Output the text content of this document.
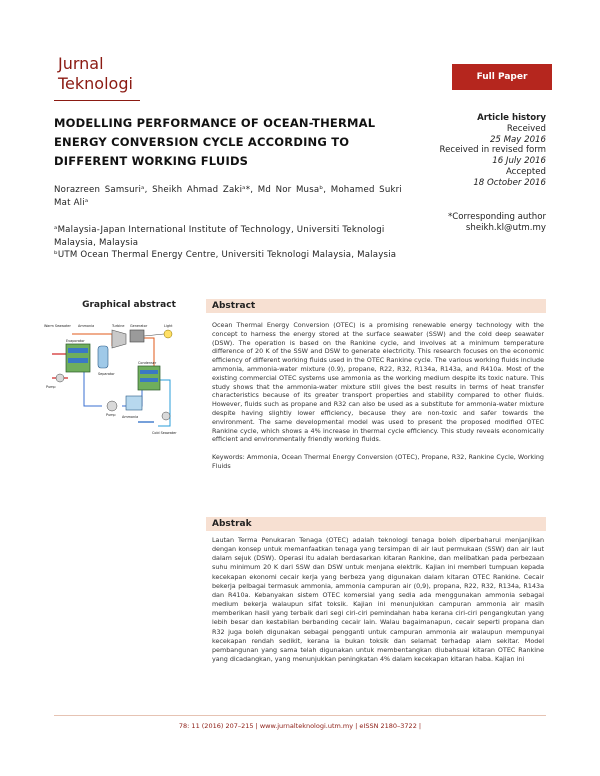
Jurnal
Teknologi	Full Paper
MODELLING PERFORMANCE OF OCEAN-THERMAL ENERGY CONVERSION CYCLE ACCORDING TO DIFFERENT WORKING FLUIDS
Article history
Received
25 May 2016
Received in revised form
16 July 2016
Accepted
18 October 2016
*Corresponding author
sheikh.kl@utm.my
Norazreen Samsuriᵃ, Sheikh Ahmad Zakiᵃ*, Md Nor Musaᵇ, Mohamed Sukri Mat Aliᵃ

ᵃMalaysia-Japan International Institute of Technology, Universiti Teknologi Malaysia, Malaysia

ᵇUTM Ocean Thermal Energy Centre, Universiti Teknologi Malaysia, Malaysia

Graphical abstract
Warm Seawater Ammonia	Turbine Generator	Light
Evaporator
Condenser
Separator
Pump
Pump Ammonia
Cold Seawater
Abstract

Ocean Thermal Energy Conversion (OTEC) is a promising renewable energy technology with the concept to harness the energy stored at the surface seawater (SSW) and the cold deep seawater (DSW). The operation is based on the Rankine cycle, and involves at a minimum temperature difference of 20 K of the SSW and DSW to generate electricity. This research focuses on the economic efficiency of different working fluids used in the OTEC Rankine cycle. The various working fluids include ammonia, ammonia-water mixture (0.9), propane, R22, R32, R134a, R143a, and R410a. Most of the existing commercial OTEC systems use ammonia as the working medium despite its toxic nature. This study shows that the ammonia-water mixture still gives the best results in terms of heat transfer characteristics because of its greater transport properties and stability compared to other fluids. However, fluids such as propane and R32 can also be used as a substitute for ammonia-water mixture despite having slightly lower efficiency, because they are non-toxic and safer towards the environment. The same developmental model was used to present the proposed modified OTEC Rankine cycle, which shows a 4% increase in thermal cycle efficiency. This study reveals economically efficient and environmentally friendly working fluids.

Keywords: Ammonia, Ocean Thermal Energy Conversion (OTEC), Propane, R32, Rankine Cycle, Working Fluids

Abstrak
Lautan Terma Penukaran Tenaga (OTEC) adalah teknologi tenaga boleh diperbaharui menjanjikan dengan konsep untuk memanfaatkan tenaga yang tersimpan di air laut permukaan (SSW) dan air laut dalam sejuk (DSW). Operasi itu adalah berdasarkan kitaran Rankine, dan melibatkan pada perbezaan suhu minimum 20 K dari SSW dan DSW untuk menjana elektrik. Kajian ini memberi tumpuan kepada kecekapan ekonomi cecair kerja yang berbeza yang digunakan dalam kitaran OTEC Rankine. Cecair bekerja pelbagai termasuk ammonia, ammonia campuran air (0,9), propana, R22, R32, R134a, R143a dan R410a. Kebanyakan sistem OTEC komersial yang sedia ada menggunakan ammonia sebagai medium bekerja walaupun sifat toksik. Kajian ini menunjukkan campuran ammonia air masih memberikan hasil yang terbaik dari segi ciri-ciri pemindahan haba kerana ciri-ciri pengangkutan yang lebih besar dan kestabilan berbanding cecair lain. Walau bagaimanapun, cecair seperti propana dan R32 juga boleh digunakan sebagai pengganti untuk campuran ammonia air walaupun mempunyai kecekapan rendah sedikit, kerana ia bukan toksik dan selamat terhadap alam sekitar. Model pembangunan yang sama telah digunakan untuk membentangkan diubahsuai kitaran OTEC Rankine yang dicadangkan, yang menunjukkan peningkatan 4% dalam kecekapan kitaran haba. Kajian ini
78: 11 (2016) 207–215 | www.jurnalteknologi.utm.my | eISSN 2180–3722 |
